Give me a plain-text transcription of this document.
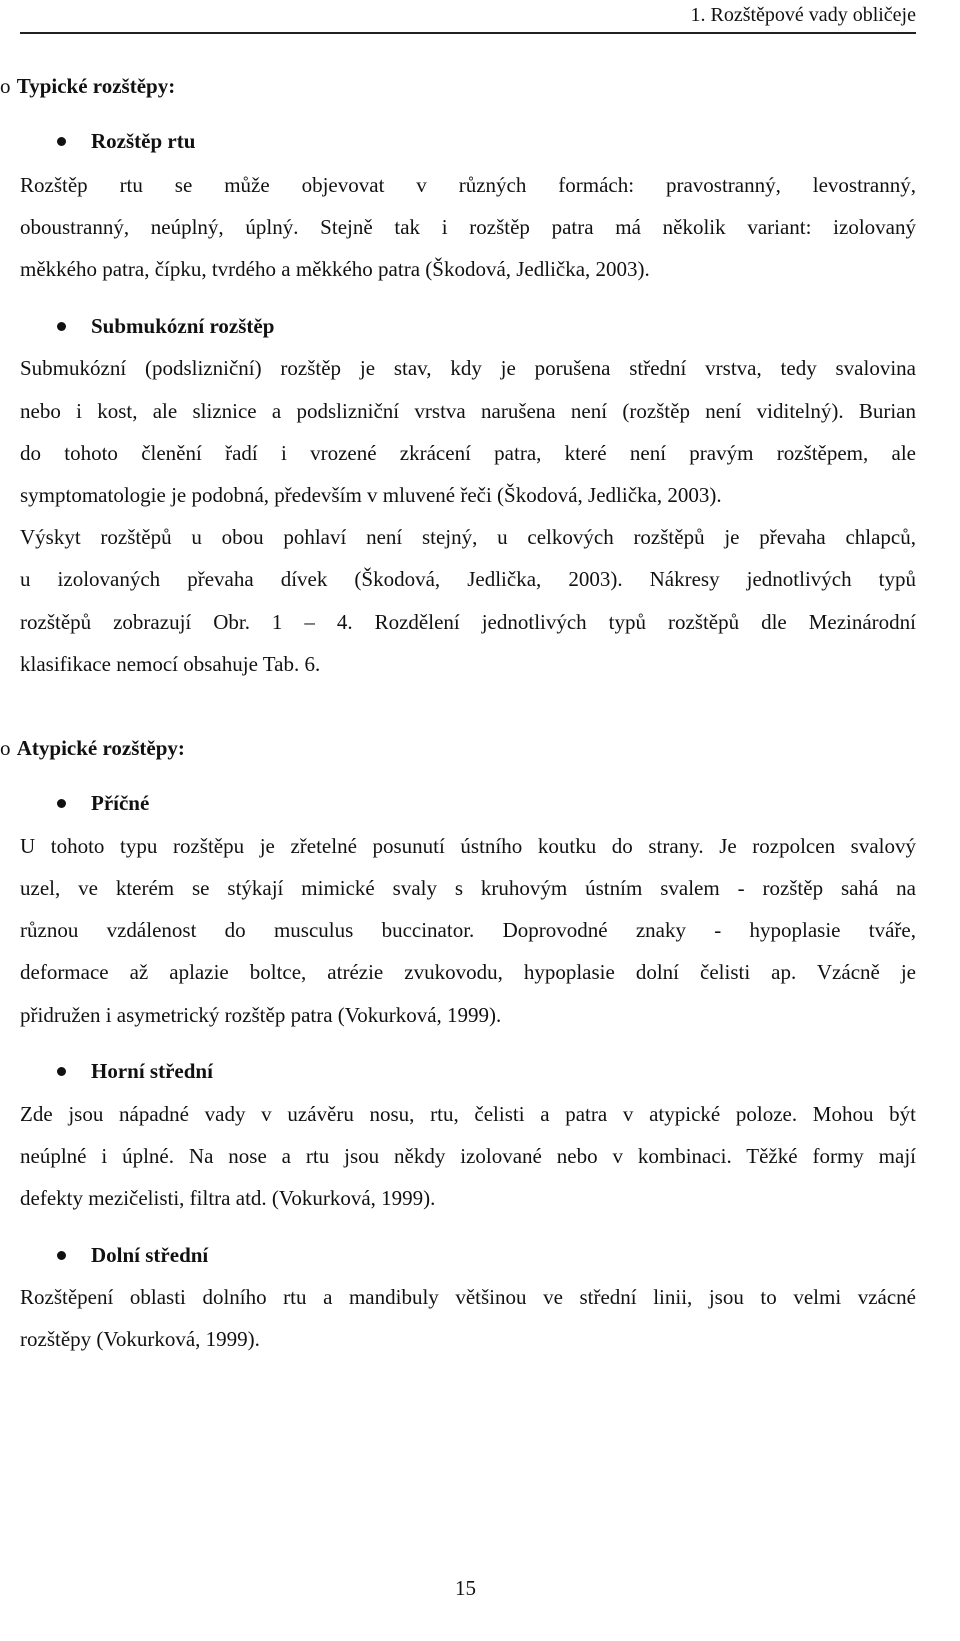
1. Rozštěpové vady obličeje
o Typické rozštěpy:
Rozštěp rtu
Rozštěp rtu se může objevovat v různých formách: pravostranný, levostranný,
oboustranný, neúplný, úplný. Stejně tak i rozštěp patra má několik variant: izolovaný
měkkého patra, čípku, tvrdého a měkkého patra (Škodová, Jedlička, 2003).
Submukózní rozštěp
Submukózní (podslizniční) rozštěp je stav, kdy je porušena střední vrstva, tedy svalovina
nebo i kost, ale sliznice a podslizniční vrstva narušena není (rozštěp není viditelný). Burian
do tohoto členění řadí i vrozené zkrácení patra, které není pravým rozštěpem, ale
symptomatologie je podobná, především v mluvené řeči (Škodová, Jedlička, 2003).
Výskyt rozštěpů u obou pohlaví není stejný, u celkových rozštěpů je převaha chlapců,
u izolovaných převaha dívek (Škodová, Jedlička, 2003). Nákresy jednotlivých typů
rozštěpů zobrazují Obr. 1 – 4. Rozdělení jednotlivých typů rozštěpů dle Mezinárodní
klasifikace nemocí obsahuje Tab. 6.
o Atypické rozštěpy:
Příčné
U tohoto typu rozštěpu je zřetelné posunutí ústního koutku do strany. Je rozpolcen svalový
uzel, ve kterém se stýkají mimické svaly s kruhovým ústním svalem - rozštěp sahá na
různou vzdálenost do musculus buccinator. Doprovodné znaky - hypoplasie tváře,
deformace až aplazie boltce, atrézie zvukovodu, hypoplasie dolní čelisti ap. Vzácně je
přidružen i asymetrický rozštěp patra (Vokurková, 1999).
Horní střední
Zde jsou nápadné vady v uzávěru nosu, rtu, čelisti a patra v atypické poloze. Mohou být
neúplné i úplné. Na nose a rtu jsou někdy izolované nebo v kombinaci. Těžké formy mají
defekty mezičelisti, filtra atd. (Vokurková, 1999).
Dolní střední
Rozštěpení oblasti dolního rtu a mandibuly většinou ve střední linii, jsou to velmi vzácné
rozštěpy (Vokurková, 1999).
15
